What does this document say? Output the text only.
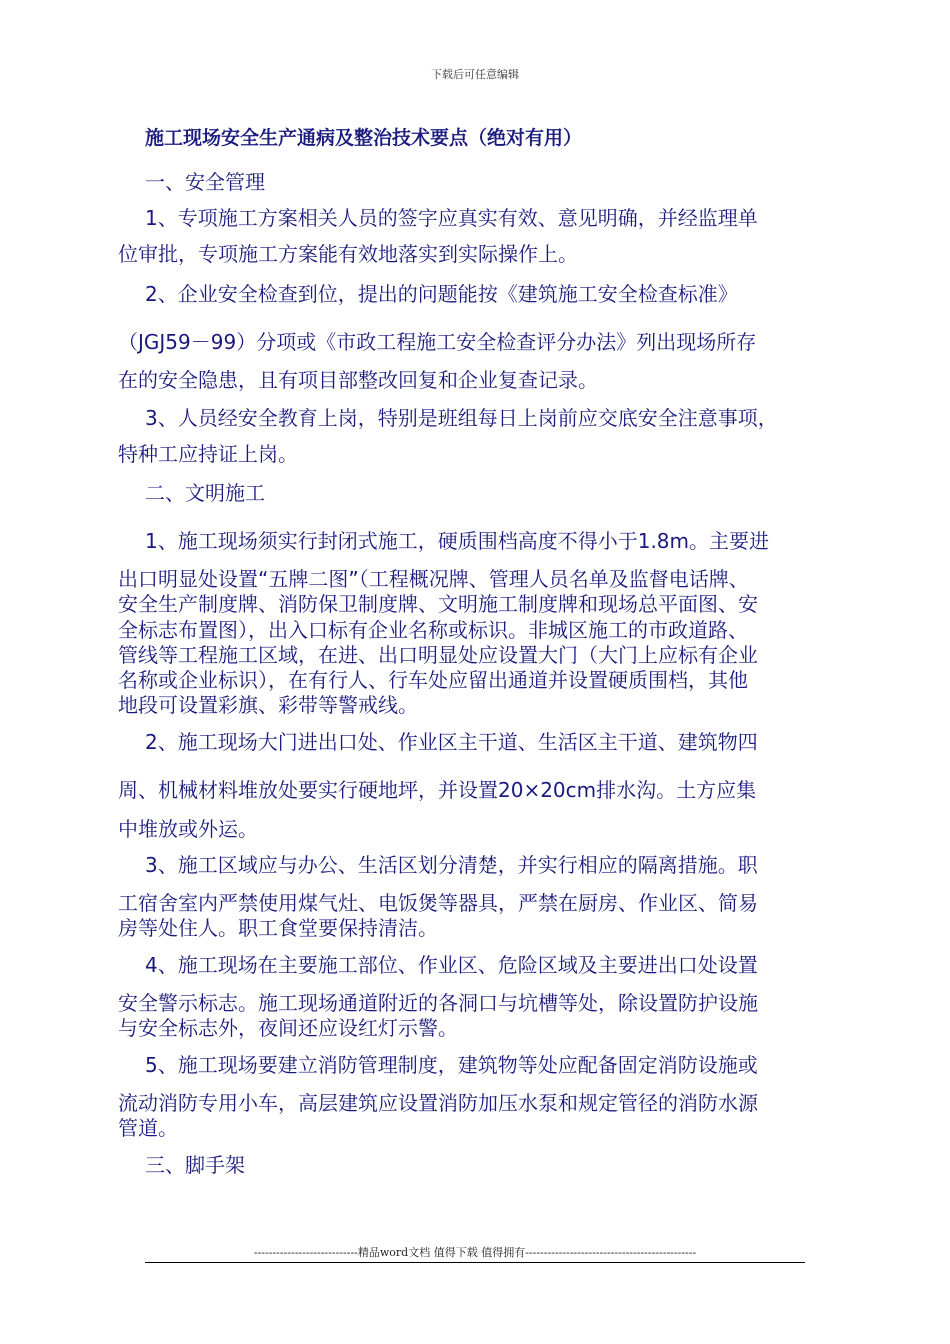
下载后可任意编辑
施工现场安全生产通病及整治技术要点（绝对有用）
一、安全管理
1、专项施工方案相关人员的签字应真实有效、意见明确，并经监理单
位审批，专项施工方案能有效地落实到实际操作上。
2、企业安全检查到位，提出的问题能按《建筑施工安全检查标准》
（JGJ59－99）分项或《市政工程施工安全检查评分办法》列出现场所存
在的安全隐患，且有项目部整改回复和企业复查记录。
3、人员经安全教育上岗，特别是班组每日上岗前应交底安全注意事项，
特种工应持证上岗。
二、文明施工
1、施工现场须实行封闭式施工，硬质围档高度不得小于1.8m。主要进
出口明显处设置“五牌二图”（工程概况牌、管理人员名单及监督电话牌、
安全生产制度牌、消防保卫制度牌、文明施工制度牌和现场总平面图、安
全标志布置图），出入口标有企业名称或标识。非城区施工的市政道路、
管线等工程施工区域，在进、出口明显处应设置大门（大门上应标有企业
名称或企业标识），在有行人、行车处应留出通道并设置硬质围档，其他
地段可设置彩旗、彩带等警戒线。
2、施工现场大门进出口处、作业区主干道、生活区主干道、建筑物四
周、机械材料堆放处要实行硬地坪，并设置20×20cm排水沟。土方应集
中堆放或外运。
3、施工区域应与办公、生活区划分清楚，并实行相应的隔离措施。职
工宿舍室内严禁使用煤气灶、电饭煲等器具，严禁在厨房、作业区、简易
房等处住人。职工食堂要保持清洁。
4、施工现场在主要施工部位、作业区、危险区域及主要进出口处设置
安全警示标志。施工现场通道附近的各洞口与坑槽等处，除设置防护设施
与安全标志外，夜间还应设红灯示警。
5、施工现场要建立消防管理制度，建筑物等处应配备固定消防设施或
流动消防专用小车，高层建筑应设置消防加压水泵和规定管径的消防水源
管道。
三、脚手架
----------------------------精品word文档 值得下载 值得拥有----------------------------------------------
